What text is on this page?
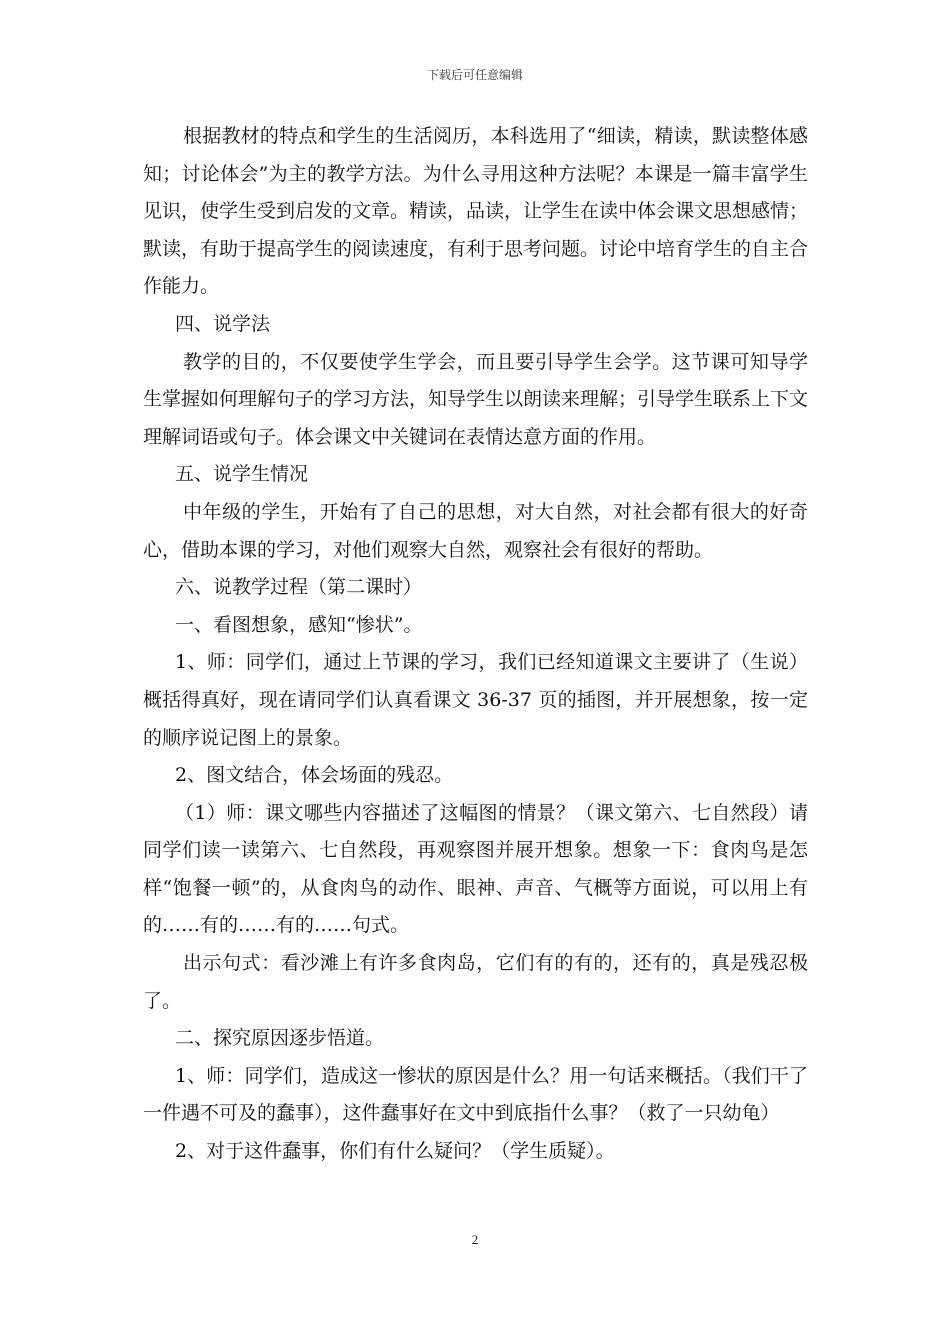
下载后可任意编辑

根据教材的特点和学生的生活阅历，本科选用了“细读，精读，默读整体感知；讨论体会”为主的教学方法。为什么寻用这种方法呢？本课是一篇丰富学生见识，使学生受到启发的文章。精读，品读，让学生在读中体会课文思想感情；默读，有助于提高学生的阅读速度，有利于思考问题。讨论中培育学生的自主合作能力。

四、说学法

教学的目的，不仅要使学生学会，而且要引导学生会学。这节课可知导学生掌握如何理解句子的学习方法，知导学生以朗读来理解；引导学生联系上下文理解词语或句子。体会课文中关键词在表情达意方面的作用。

五、说学生情况

中年级的学生，开始有了自己的思想，对大自然，对社会都有很大的好奇心，借助本课的学习，对他们观察大自然，观察社会有很好的帮助。

六、说教学过程（第二课时）

一、看图想象，感知“惨状”。

1、师：同学们，通过上节课的学习，我们已经知道课文主要讲了（生说）概括得真好，现在请同学们认真看课文 36-37 页的插图，并开展想象，按一定的顺序说记图上的景象。

2、图文结合，体会场面的残忍。

（1）师：课文哪些内容描述了这幅图的情景？（课文第六、七自然段）请同学们读一读第六、七自然段，再观察图并展开想象。想象一下：食肉鸟是怎样“饱餐一顿”的，从食肉鸟的动作、眼神、声音、气概等方面说，可以用上有的……有的……有的……句式。

出示句式：看沙滩上有许多食肉岛，它们有的有的，还有的，真是残忍极了。

二、探究原因逐步悟道。

1、师：同学们，造成这一惨状的原因是什么？用一句话来概括。（我们干了一件遇不可及的蠢事），这件蠢事好在文中到底指什么事？（救了一只幼龟）

2、对于这件蠢事，你们有什么疑问？（学生质疑）。

2
